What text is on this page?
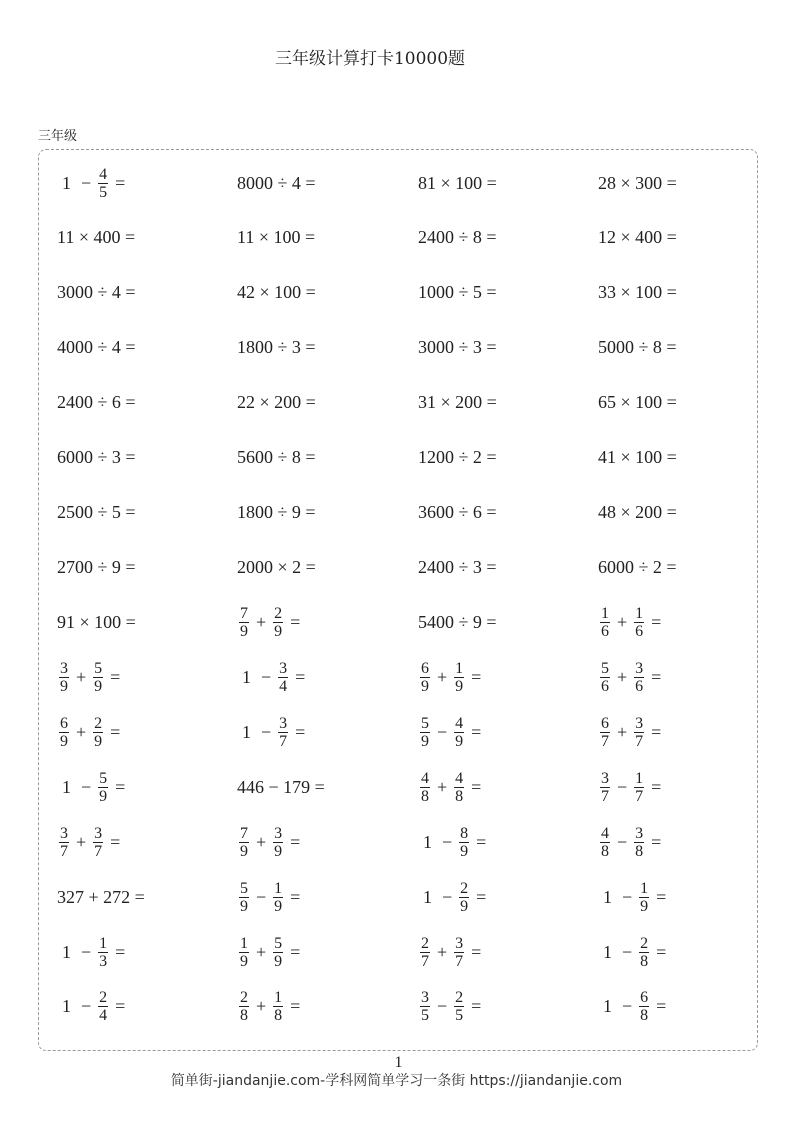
三年级计算打卡10000题
三年级
$1 - \frac{4}{5}$ =	8000 ÷ 4 =	81 × 100 =	28 × 300 =
11 × 400 =	11 × 100 =	2400 ÷ 8 =	12 × 400 =
3000 ÷ 4 =	42 × 100 =	1000 ÷ 5 =	33 × 100 =
4000 ÷ 4 =	1800 ÷ 3 =	3000 ÷ 3 =	5000 ÷ 8 =
2400 ÷ 6 =	22 × 200 =	31 × 200 =	65 × 100 =
6000 ÷ 3 =	5600 ÷ 8 =	1200 ÷ 2 =	41 × 100 =
2500 ÷ 5 =	1800 ÷ 9 =	3600 ÷ 6 =	48 × 200 =
2700 ÷ 9 =	2000 × 2 =	2400 ÷ 3 =	6000 ÷ 2 =
91 × 100 =	$\frac{7}{9} + \frac{2}{9}$ =	5400 ÷ 9 =	$\frac{1}{6} + \frac{1}{6}$ =
$\frac{3}{9} + \frac{5}{9}$ =	$1 - \frac{3}{4}$ =	$\frac{6}{9} + \frac{1}{9}$ =	$\frac{5}{6} + \frac{3}{6}$ =
$\frac{6}{9} + \frac{2}{9}$ =	$1 - \frac{3}{7}$ =	$\frac{5}{9} - \frac{4}{9}$ =	$\frac{6}{7} + \frac{3}{7}$ =
$1 - \frac{5}{9}$ =	446 − 179 =	$\frac{4}{8} + \frac{4}{8}$ =	$\frac{3}{7} - \frac{1}{7}$ =
$\frac{3}{7} + \frac{3}{7}$ =	$\frac{7}{9} + \frac{3}{9}$ =	$1 - \frac{8}{9}$ =	$\frac{4}{8} - \frac{3}{8}$ =
327 + 272 =	$\frac{5}{9} - \frac{1}{9}$ =	$1 - \frac{2}{9}$ =	$1 - \frac{1}{9}$ =
$1 - \frac{1}{3}$ =	$\frac{1}{9} + \frac{5}{9}$ =	$\frac{2}{7} + \frac{3}{7}$ =	$1 - \frac{2}{8}$ =
$1 - \frac{2}{4}$ =	$\frac{2}{8} + \frac{1}{8}$ =	$\frac{3}{5} - \frac{2}{5}$ =	$1 - \frac{6}{8}$ =
1
简单街-jiandanjie.com-学科网简单学习一条街 https://jiandanjie.com
